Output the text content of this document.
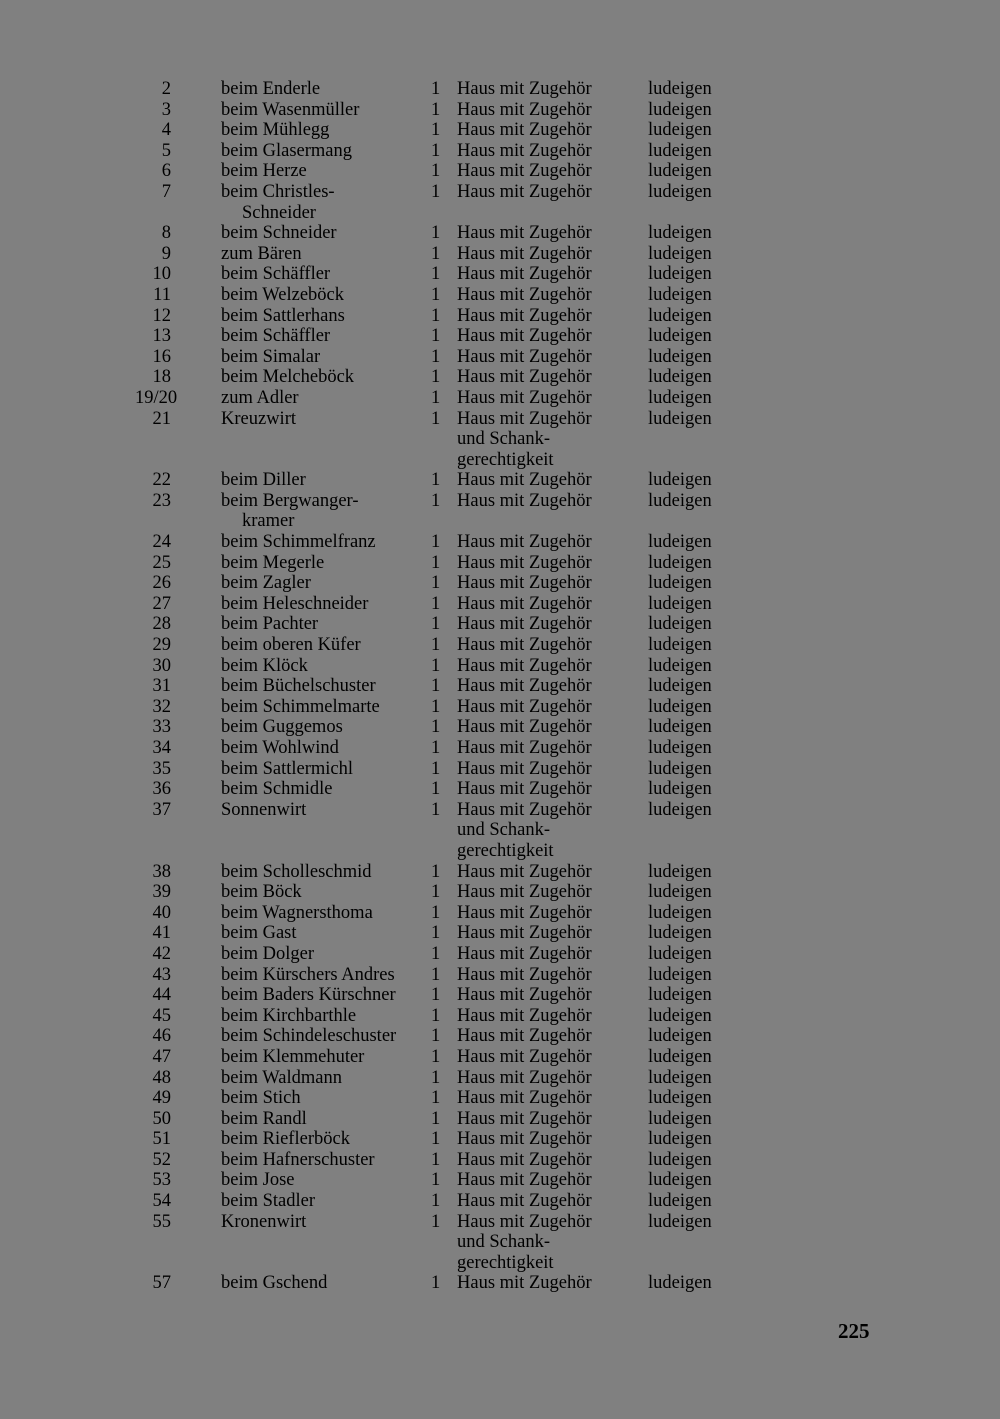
2	beim Enderle	1 Haus mit Zugehör	ludeigen
3	beim Wasenmüller	1 Haus mit Zugehör	ludeigen
4	beim Mühlegg	1 Haus mit Zugehör	ludeigen
5	beim Glasermang	1 Haus mit Zugehör	ludeigen
6	beim Herze	1 Haus mit Zugehör	ludeigen
7	beim Christles-	1 Haus mit Zugehör	ludeigen
Schneider
8	beim Schneider	1 Haus mit Zugehör	ludeigen
9	zum Bären	1 Haus mit Zugehör	ludeigen
10	beim Schäffler	1 Haus mit Zugehör	ludeigen
11	beim Welzeböck	1 Haus mit Zugehör	ludeigen
12	beim Sattlerhans	1 Haus mit Zugehör	ludeigen
13	beim Schäffler	1 Haus mit Zugehör	ludeigen
16	beim Simalar	1 Haus mit Zugehör	ludeigen
18	beim Melcheböck	1 Haus mit Zugehör	ludeigen
19/20 zum Adler	1 Haus mit Zugehör	ludeigen
21	Kreuzwirt	1 Haus mit Zugehör	ludeigen
und Schank-
gerechtigkeit
22	beim Diller	1 Haus mit Zugehör	ludeigen
23	beim Bergwanger-	1 Haus mit Zugehör	ludeigen
kramer
24	beim Schimmelfranz	1 Haus mit Zugehör	ludeigen
25	beim Megerle	1 Haus mit Zugehör	ludeigen
26	beim Zagler	1 Haus mit Zugehör	ludeigen
27	beim Heleschneider	1 Haus mit Zugehör	ludeigen
28	beim Pachter	1 Haus mit Zugehör	ludeigen
29	beim oberen Küfer	1 Haus mit Zugehör	ludeigen
30	beim Klöck	1 Haus mit Zugehör	ludeigen
31	beim Büchelschuster	1 Haus mit Zugehör	ludeigen
32	beim Schimmelmarte	1 Haus mit Zugehör	ludeigen
33	beim Guggemos	1 Haus mit Zugehör	ludeigen
34	beim Wohlwind	1 Haus mit Zugehör	ludeigen
35	beim Sattlermichl	1 Haus mit Zugehör	ludeigen
36	beim Schmidle	1 Haus mit Zugehör	ludeigen
37	Sonnenwirt	1 Haus mit Zugehör	ludeigen
und Schank-
gerechtigkeit
38	beim Scholleschmid	1 Haus mit Zugehör	ludeigen
39	beim Böck	1 Haus mit Zugehör	ludeigen
40	beim Wagnersthoma	1 Haus mit Zugehör	ludeigen
41	beim Gast	1 Haus mit Zugehör	ludeigen
42	beim Dolger	1 Haus mit Zugehör	ludeigen
43	beim Kürschers Andres 1 Haus mit Zugehör	ludeigen
44	beim Baders Kürschner 1 Haus mit Zugehör	ludeigen
45	beim Kirchbarthle	1 Haus mit Zugehör	ludeigen
46	beim Schindeleschuster 1 Haus mit Zugehör	ludeigen
47	beim Klemmehuter	1 Haus mit Zugehör	ludeigen
48	beim Waldmann	1 Haus mit Zugehör	ludeigen
49	beim Stich	1 Haus mit Zugehör	ludeigen
50	beim Randl	1 Haus mit Zugehör	ludeigen
51	beim Rieflerböck	1 Haus mit Zugehör	ludeigen
52	beim Hafnerschuster	1 Haus mit Zugehör	ludeigen
53	beim Jose	1 Haus mit Zugehör	ludeigen
54	beim Stadler	1 Haus mit Zugehör	ludeigen
55	Kronenwirt	1 Haus mit Zugehör	ludeigen
und Schank-
gerechtigkeit
57	beim Gschend	1 Haus mit Zugehör	ludeigen
225
